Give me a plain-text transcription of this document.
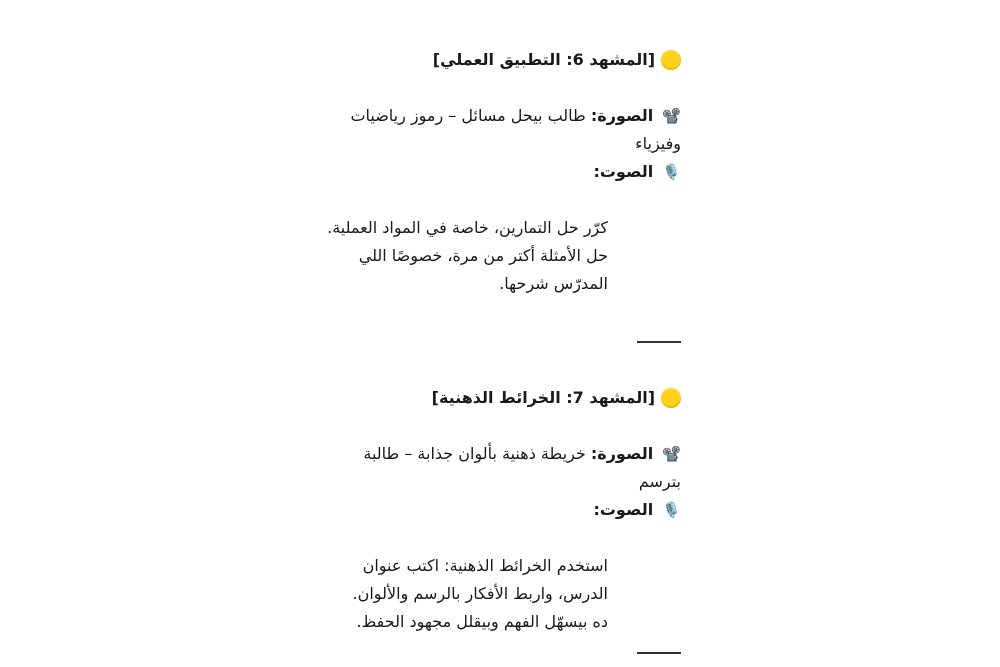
[المشهد 6: التطبيق العملي]
📽️ الصورة: طالب بيحل مسائل – رموز رياضيات وفيزياء
🎙️ الصوت:
كرّر حل التمارين، خاصة في المواد العملية.
حل الأمثلة أكتر من مرة، خصوصًا اللي
المدرّس شرحها.
[المشهد 7: الخرائط الذهنية]
📽️ الصورة: خريطة ذهنية بألوان جذابة – طالبة بترسم
🎙️ الصوت:
استخدم الخرائط الذهنية: اكتب عنوان
الدرس، واربط الأفكار بالرسم والألوان.
ده بيسهّل الفهم وبيقلل مجهود الحفظ.
